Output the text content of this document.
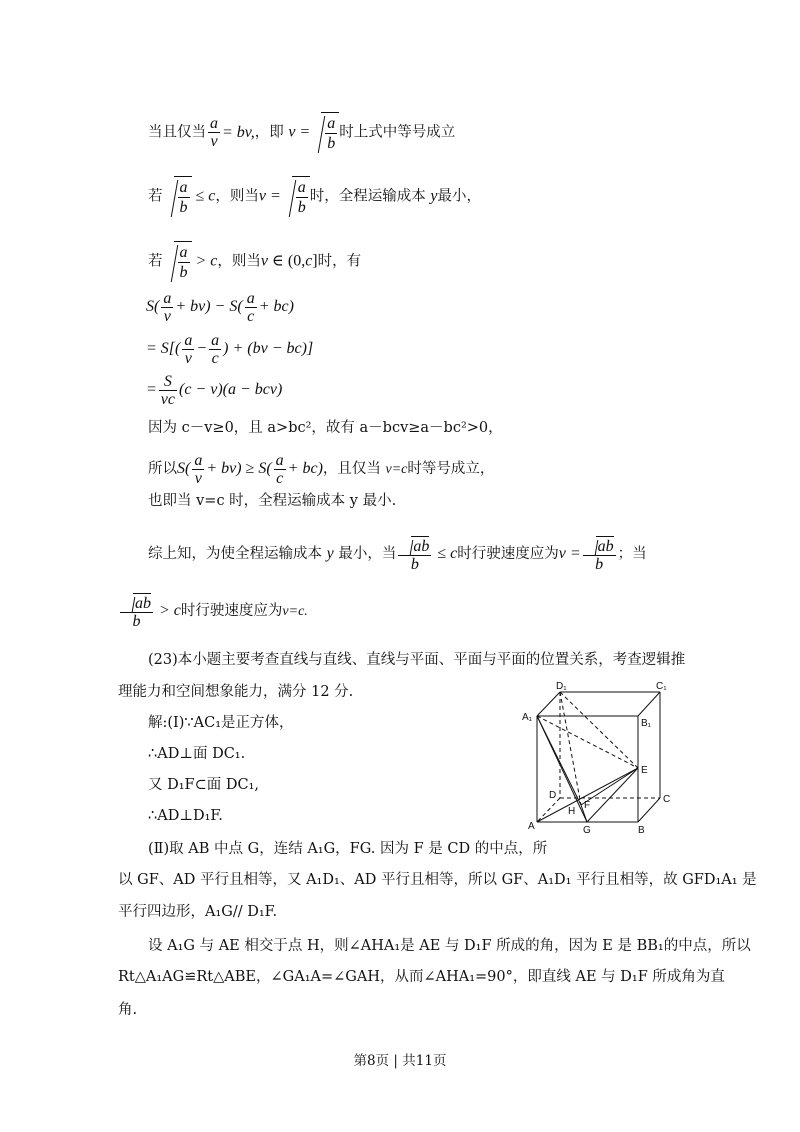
当且仅当 $\frac{a}{v}$ = bv,，即 $v = \frac{a}{b}$ 时上式中等号成立
若 $\frac{a}{b} \le c$，则当$v = \frac{a}{b}$ 时，全程运输成本 y最小，
若 $\frac{a}{b} > c$，则当v ∈ (0,c]时，有
$S( \frac{a}{v} + bv) - S( \frac{a}{c} + bc)$
= $S[( \frac{a}{v} - \frac{a}{c}$ ) + (bv − bc)]
= $\frac{S}{vc} (c - v)(a - bcv)$
因为 c－v≥0，且 a>bc²，故有 a－bcv≥a－bc²>0，
所以$S( \frac{a}{v} + bv) \ge S( \frac{a}{c} + bc)$，且仅当 v=c时等号成立，
也即当 v=c 时，全程运输成本 y 最小.
综上知，为使全程运输成本 y 最小，当 $\frac{ab}{b} \le c$时行驶速度应为$v = \frac{ab}{b}$ ；当
$\frac{ab}{b} > c$时行驶速度应为v=c.
(23)本小题主要考查直线与直线、直线与平面、平面与平面的位置关系，考查逻辑推
理能力和空间想象能力，满分 12 分.
解:(Ⅰ)∵AC₁是正方体，
∴AD⊥面 DC₁.
又 D₁F⊂面 DC₁,
∴AD⊥D₁F.
(Ⅱ)取 AB 中点 G，连结 A₁G，FG. 因为 F 是 CD 的中点，所
以 GF、AD 平行且相等，又 A₁D₁、AD 平行且相等，所以 GF、A₁D₁ 平行且相等，故 GFD₁A₁ 是
平行四边形，A₁G// D₁F.
设 A₁G 与 AE 相交于点 H，则∠AHA₁是 AE 与 D₁F 所成的角，因为 E 是 BB₁的中点，所以
Rt△A₁AG≌Rt△ABE，∠GA₁A=∠GAH，从而∠AHA₁=90°，即直线 AE 与 D₁F 所成角为直
角.
D₁	C₁
A₁
B₁
E
D	C
F
H
A	G	B
第8页 | 共11页
